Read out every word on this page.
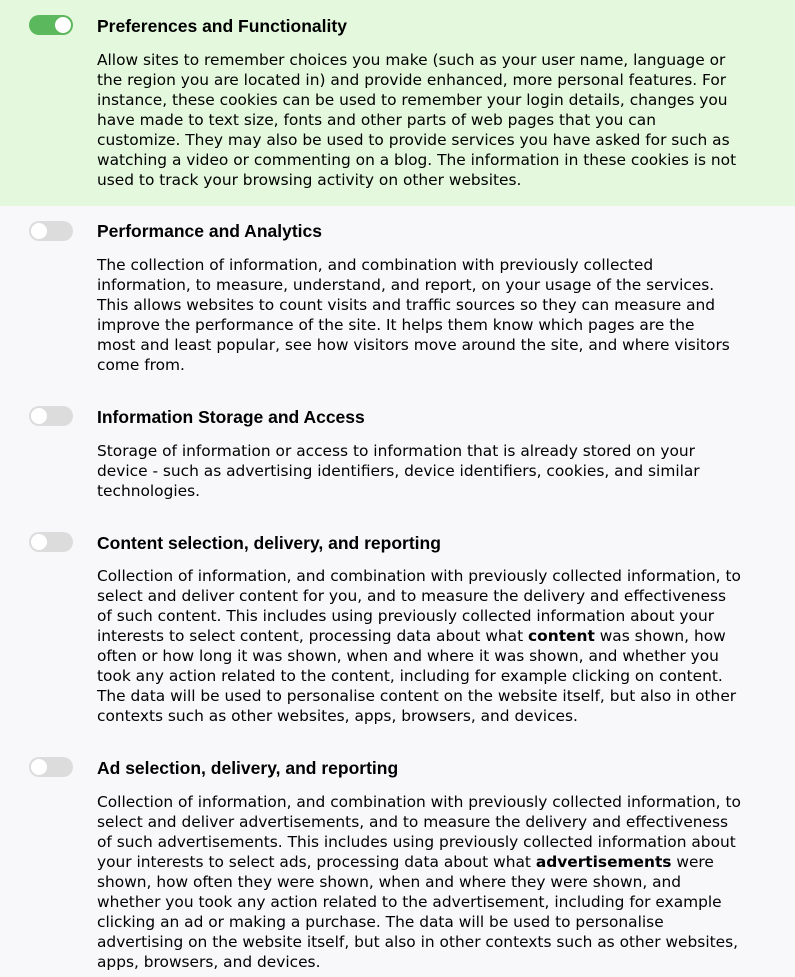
Preferences and Functionality

Allow sites to remember choices you make (such as your user name, language or
the region you are located in) and provide enhanced, more personal features. For
instance, these cookies can be used to remember your login details, changes you
have made to text size, fonts and other parts of web pages that you can
customize. They may also be used to provide services you have asked for such as
watching a video or commenting on a blog. The information in these cookies is not
used to track your browsing activity on other websites.

Performance and Analytics

The collection of information, and combination with previously collected
information, to measure, understand, and report, on your usage of the services.
This allows websites to count visits and traffic sources so they can measure and
improve the performance of the site. It helps them know which pages are the
most and least popular, see how visitors move around the site, and where visitors
come from.

Information Storage and Access

Storage of information or access to information that is already stored on your
device - such as advertising identifiers, device identifiers, cookies, and similar
technologies.

Content selection, delivery, and reporting

Collection of information, and combination with previously collected information, to
select and deliver content for you, and to measure the delivery and effectiveness
of such content. This includes using previously collected information about your
interests to select content, processing data about what content was shown, how
often or how long it was shown, when and where it was shown, and whether you
took any action related to the content, including for example clicking on content.
The data will be used to personalise content on the website itself, but also in other
contexts such as other websites, apps, browsers, and devices.

Ad selection, delivery, and reporting

Collection of information, and combination with previously collected information, to
select and deliver advertisements, and to measure the delivery and effectiveness
of such advertisements. This includes using previously collected information about
your interests to select ads, processing data about what advertisements were
shown, how often they were shown, when and where they were shown, and
whether you took any action related to the advertisement, including for example
clicking an ad or making a purchase. The data will be used to personalise
advertising on the website itself, but also in other contexts such as other websites,
apps, browsers, and devices.
